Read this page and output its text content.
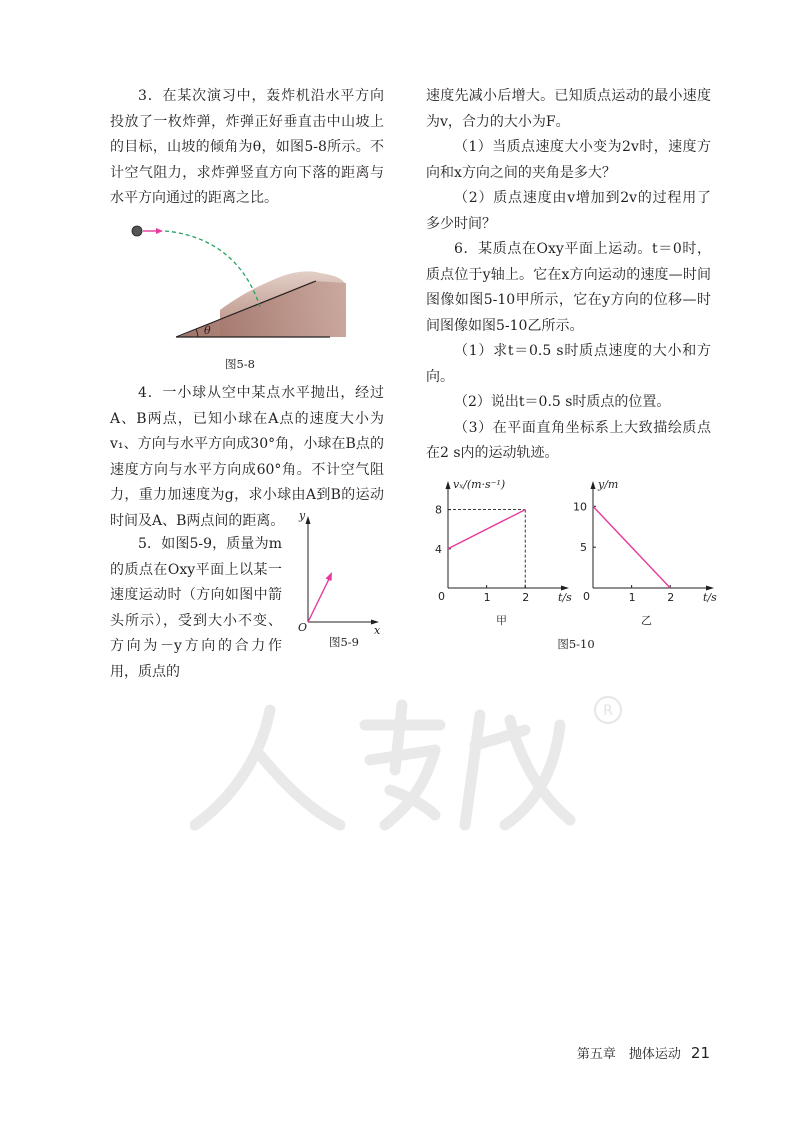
3．在某次演习中，轰炸机沿水平方向投放了一枚炸弹，炸弹正好垂直击中山坡上的目标，山坡的倾角为θ，如图5-8所示。不计空气阻力，求炸弹竖直方向下落的距离与水平方向通过的距离之比。

θ
图5-8

4．一小球从空中某点水平抛出，经过A、B两点，已知小球在A点的速度大小为v₁、方向与水平方向成30°角，小球在B点的速度方向与水平方向成60°角。不计空气阻力，重力加速度为g，求小球由A到B的运动时间及A、B两点间的距离。

5．如图5-9，质量为m的质点在Oxy平面上以某一速度运动时（方向如图中箭头所示），受到大小不变、方向为－y方向的合力作用，质点的

y
x
O
图5-9

速度先减小后增大。已知质点运动的最小速度为v，合力的大小为F。

（1）当质点速度大小变为2v时，速度方向和x方向之间的夹角是多大？

（2）质点速度由v增加到2v的过程用了多少时间？

6．某质点在Oxy平面上运动。t＝0时，质点位于y轴上。它在x方向运动的速度—时间图像如图5-10甲所示，它在y方向的位移—时间图像如图5-10乙所示。

（1）求t＝0.5 s时质点速度的大小和方向。

（2）说出t＝0.5 s时质点的位置。

（3）在平面直角坐标系上大致描绘质点在2 s内的运动轨迹。

0	1	2
4
8
t/s
vₓ/(m·s⁻¹)
甲
0	1	2
5
10
t/s
y/m
乙
图5-10
R
第五章　抛体运动 21
